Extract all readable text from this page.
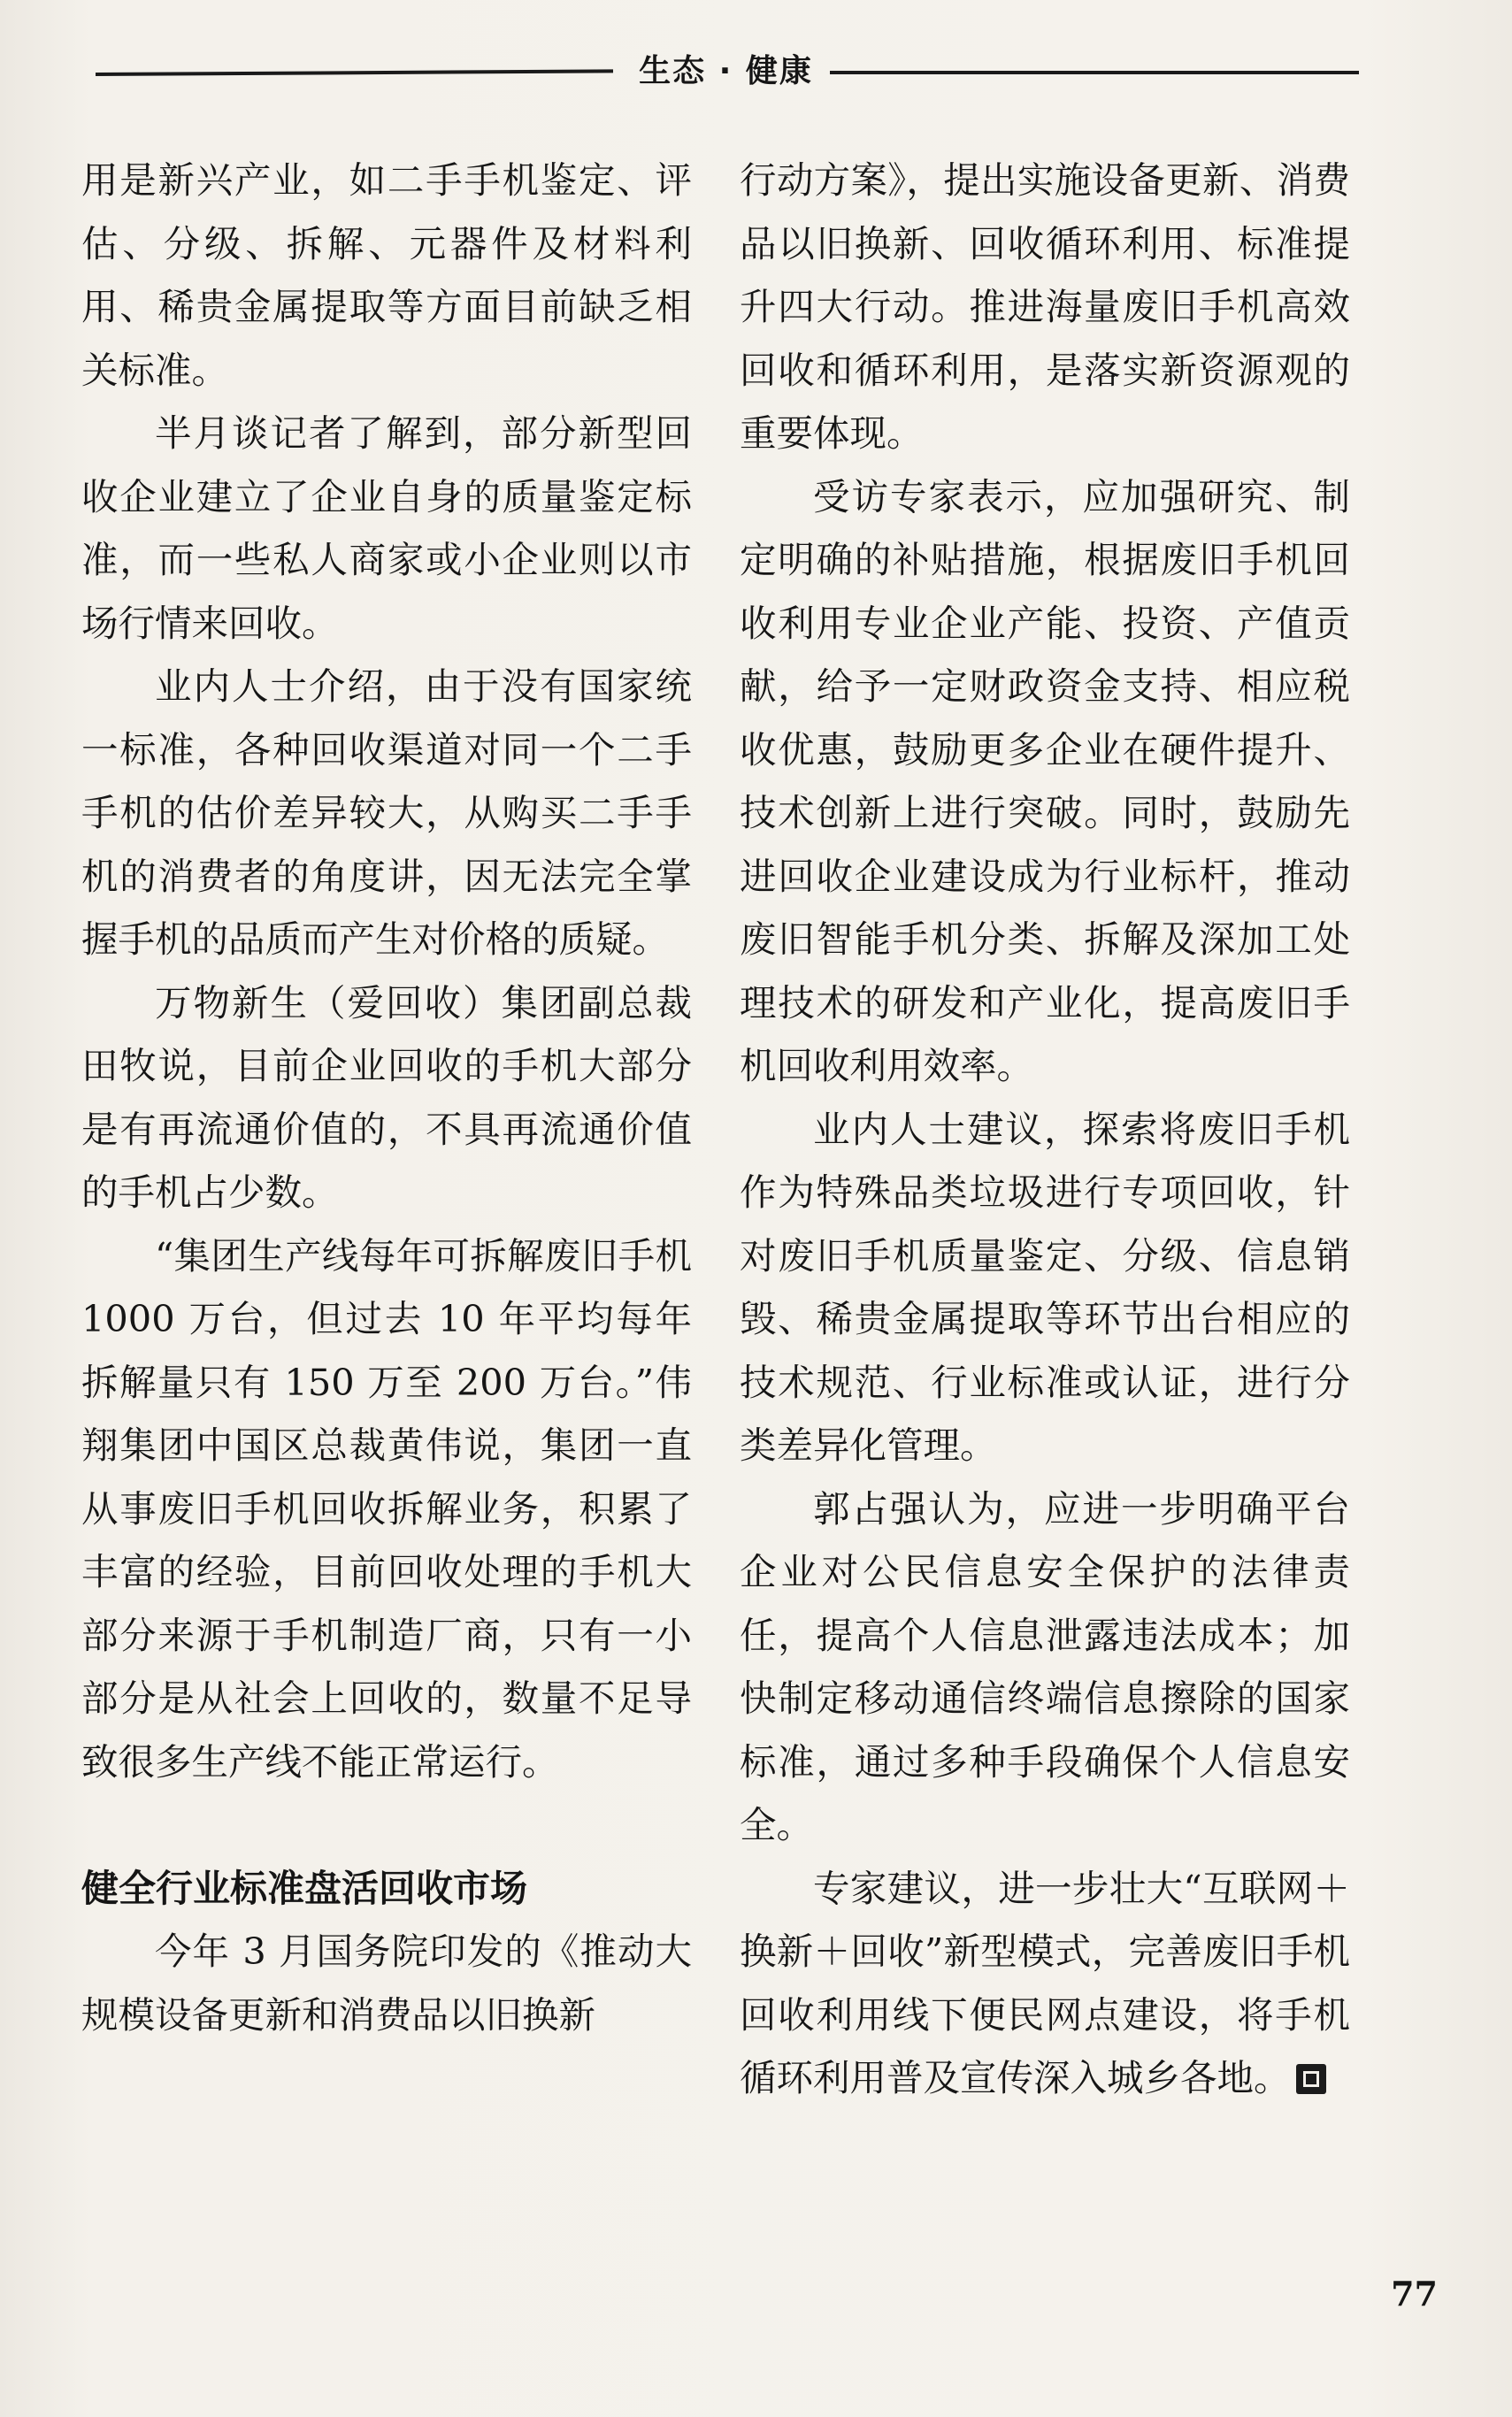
生态 · 健康

用是新兴产业，如二手手机鉴定、评估、分级、拆解、元器件及材料利用、稀贵金属提取等方面目前缺乏相关标准。

半月谈记者了解到，部分新型回收企业建立了企业自身的质量鉴定标准，而一些私人商家或小企业则以市场行情来回收。

业内人士介绍，由于没有国家统一标准，各种回收渠道对同一个二手手机的估价差异较大，从购买二手手机的消费者的角度讲，因无法完全掌握手机的品质而产生对价格的质疑。

万物新生（爱回收）集团副总裁田牧说，目前企业回收的手机大部分是有再流通价值的，不具再流通价值的手机占少数。

“集团生产线每年可拆解废旧手机 1000 万台，但过去 10 年平均每年拆解量只有 150 万至 200 万台。”伟翔集团中国区总裁黄伟说，集团一直从事废旧手机回收拆解业务，积累了丰富的经验，目前回收处理的手机大部分来源于手机制造厂商，只有一小部分是从社会上回收的，数量不足导致很多生产线不能正常运行。

健全行业标准盘活回收市场

今年 3 月国务院印发的《推动大规模设备更新和消费品以旧换新

行动方案》，提出实施设备更新、消费品以旧换新、回收循环利用、标准提升四大行动。推进海量废旧手机高效回收和循环利用，是落实新资源观的重要体现。

受访专家表示，应加强研究、制定明确的补贴措施，根据废旧手机回收利用专业企业产能、投资、产值贡献，给予一定财政资金支持、相应税收优惠，鼓励更多企业在硬件提升、技术创新上进行突破。同时，鼓励先进回收企业建设成为行业标杆，推动废旧智能手机分类、拆解及深加工处理技术的研发和产业化，提高废旧手机回收利用效率。

业内人士建议，探索将废旧手机作为特殊品类垃圾进行专项回收，针对废旧手机质量鉴定、分级、信息销毁、稀贵金属提取等环节出台相应的技术规范、行业标准或认证，进行分类差异化管理。

郭占强认为，应进一步明确平台企业对公民信息安全保护的法律责任，提高个人信息泄露违法成本；加快制定移动通信终端信息擦除的国家标准，通过多种手段确保个人信息安全。

专家建议，进一步壮大“互联网＋换新＋回收”新型模式，完善废旧手机回收利用线下便民网点建设，将手机循环利用普及宣传深入城乡各地。

77
